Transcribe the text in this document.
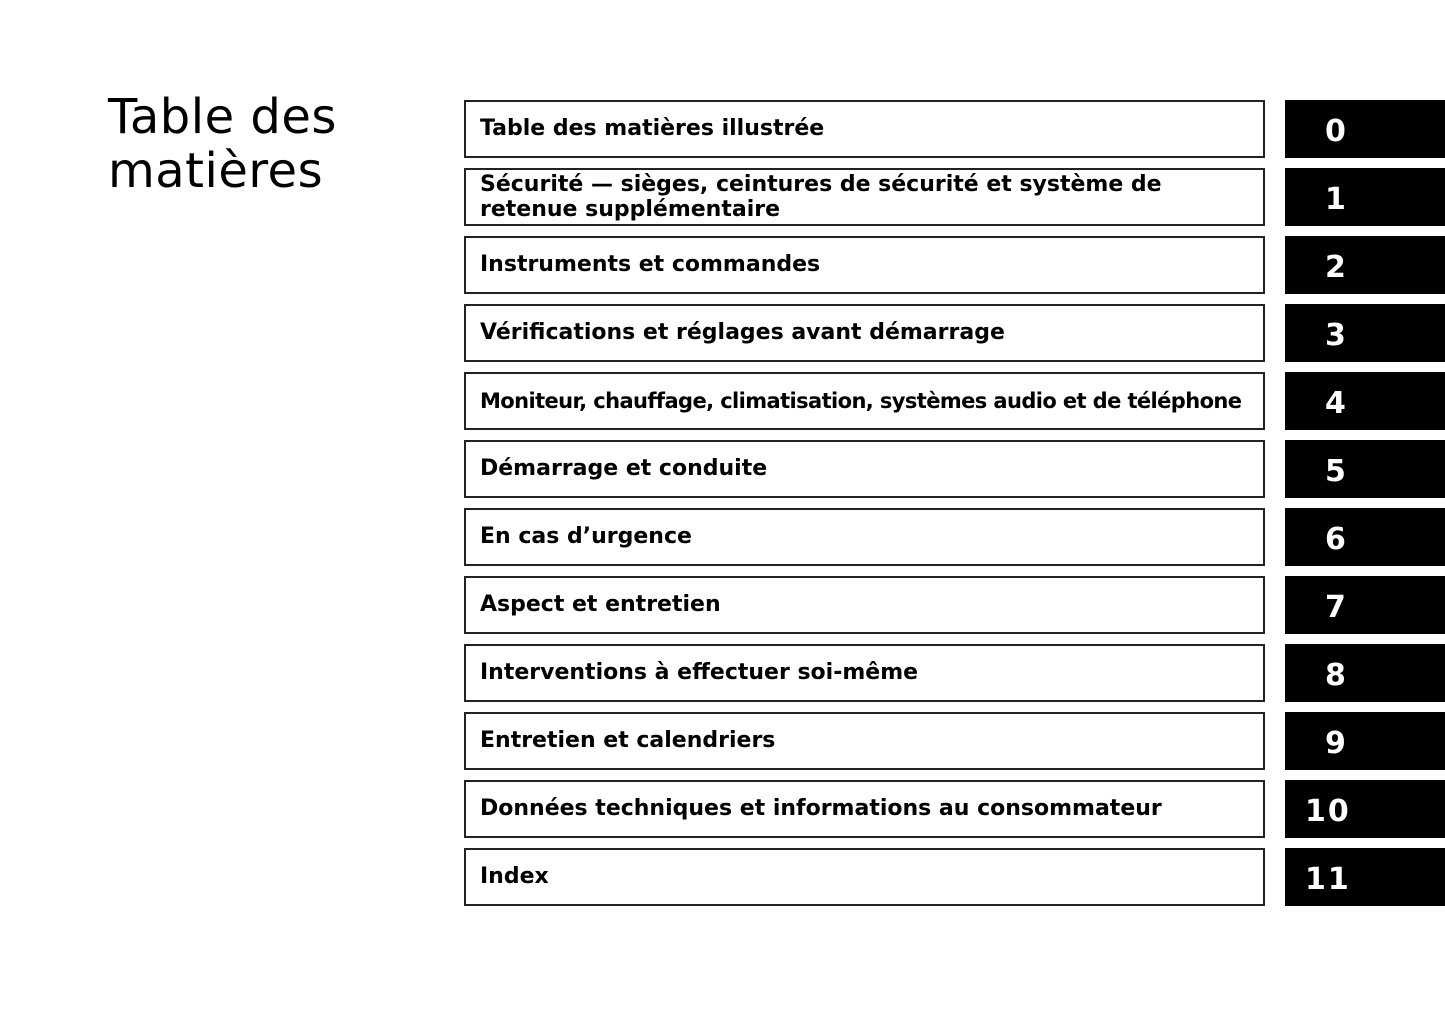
Table des matières
Table des matières illustrée	0
Sécurité — sièges, ceintures de sécurité et système de retenue supplémentaire	1
Instruments et commandes	2
Vérifications et réglages avant démarrage	3
Moniteur, chauffage, climatisation, systèmes audio et de téléphone	4
Démarrage et conduite	5
En cas d’urgence	6
Aspect et entretien	7
Interventions à effectuer soi-même	8
Entretien et calendriers	9
Données techniques et informations au consommateur	10
Index	11
